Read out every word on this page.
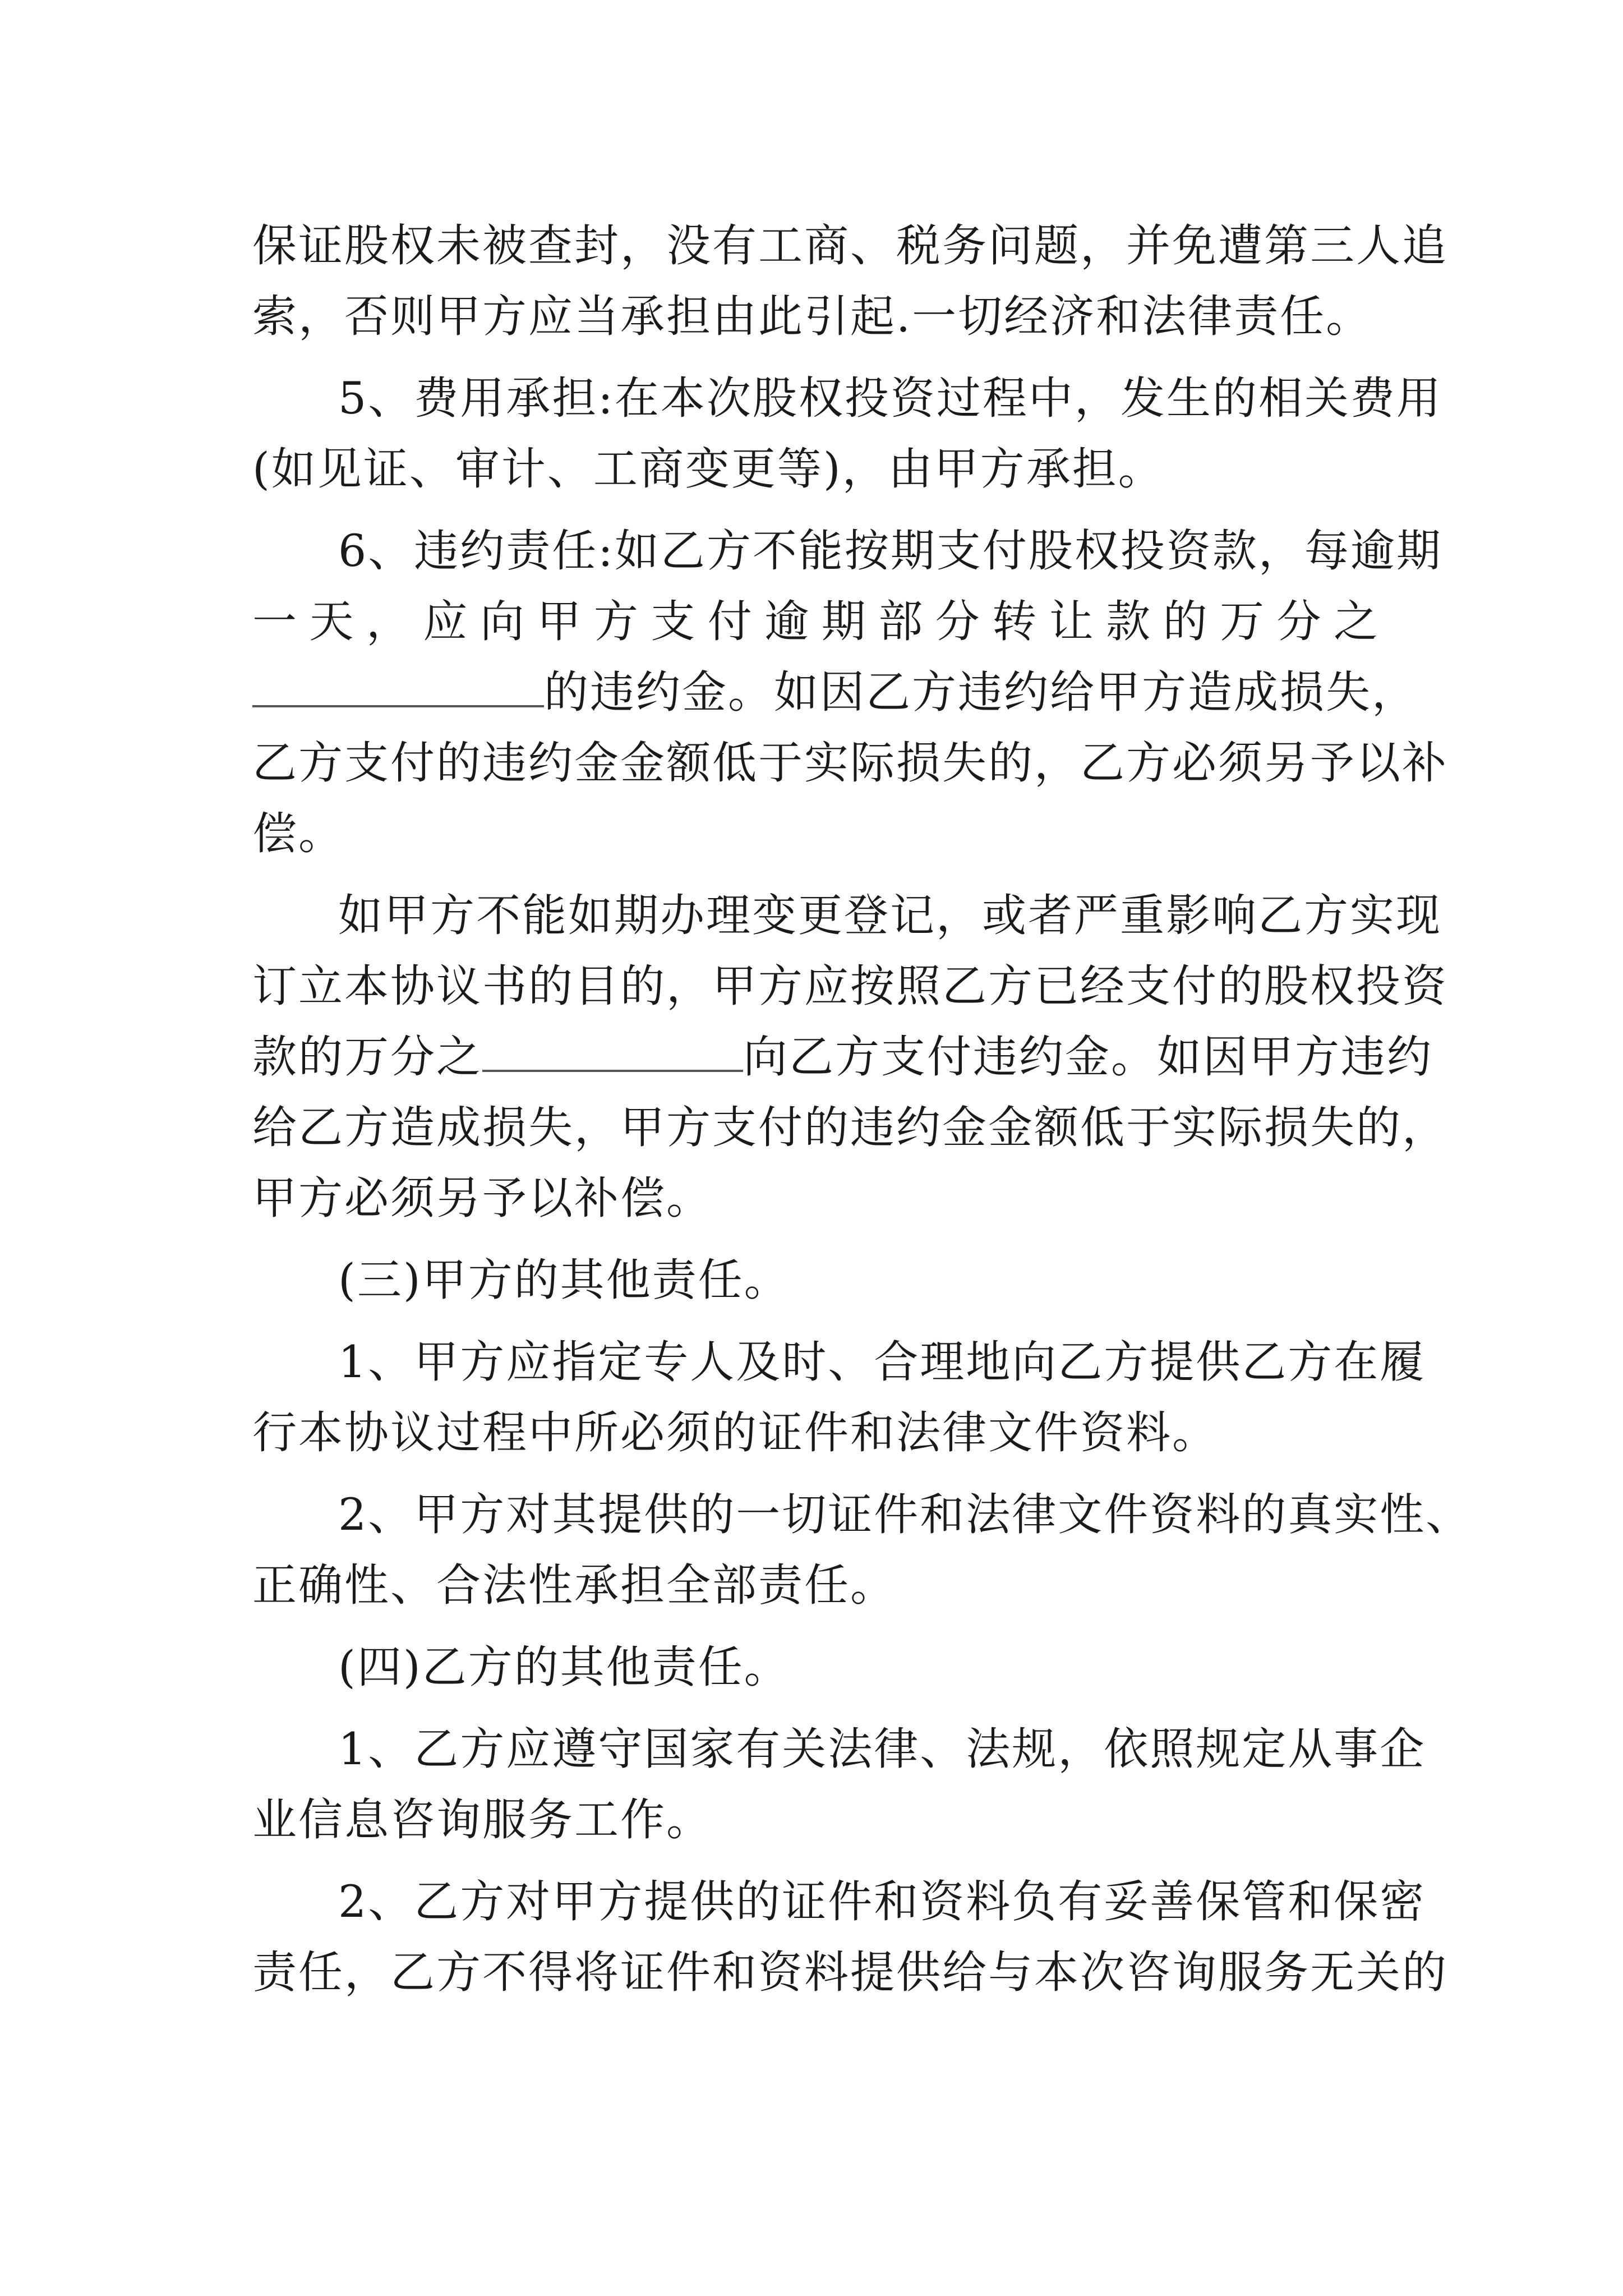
保证股权未被查封，没有工商、税务问题，并免遭第三人追
索，否则甲方应当承担由此引起.一切经济和法律责任。
5、费用承担:在本次股权投资过程中，发生的相关费用
(如见证、审计、工商变更等)，由甲方承担。
6、违约责任:如乙方不能按期支付股权投资款，每逾期
一天，应向甲方支付逾期部分转让款的万分之
的违约金。如因乙方违约给甲方造成损失，
乙方支付的违约金金额低于实际损失的，乙方必须另予以补
偿。
如甲方不能如期办理变更登记，或者严重影响乙方实现
订立本协议书的目的，甲方应按照乙方已经支付的股权投资
款的万分之	向乙方支付违约金。如因甲方违约
给乙方造成损失，甲方支付的违约金金额低于实际损失的，
甲方必须另予以补偿。
(三)甲方的其他责任。
1、甲方应指定专人及时、合理地向乙方提供乙方在履
行本协议过程中所必须的证件和法律文件资料。
2、甲方对其提供的一切证件和法律文件资料的真实性、
正确性、合法性承担全部责任。
(四)乙方的其他责任。
1、乙方应遵守国家有关法律、法规，依照规定从事企
业信息咨询服务工作。
2、乙方对甲方提供的证件和资料负有妥善保管和保密
责任，乙方不得将证件和资料提供给与本次咨询服务无关的
